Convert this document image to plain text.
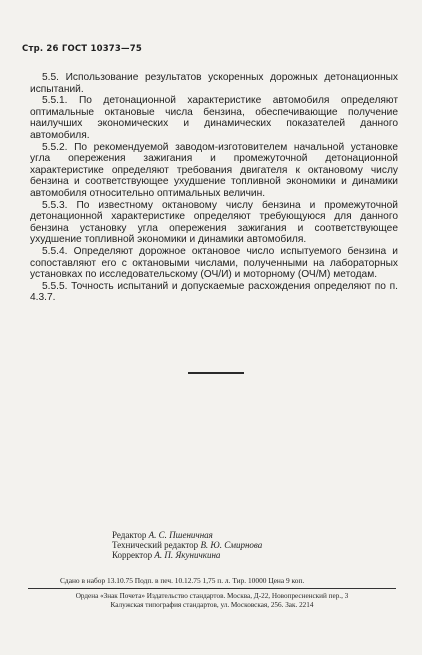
Стр. 26 ГОСТ 10373—75

5.5. Использование результатов ускоренных дорожных детонационных испытаний.

5.5.1. По детонационной характеристике автомобиля определяют оптимальные октановые числа бензина, обеспечивающие получение наилучших экономических и динамических показателей данного автомобиля.

5.5.2. По рекомендуемой заводом-изготовителем начальной установке угла опережения зажигания и промежуточной детонационной характеристике определяют требования двигателя к октановому числу бензина и соответствующее ухудшение топливной экономики и динамики автомобиля относительно оптимальных величин.

5.5.3. По известному октановому числу бензина и промежуточной детонационной характеристике определяют требующуюся для данного бензина установку угла опережения зажигания и соответствующее ухудшение топливной экономики и динамики автомобиля.

5.5.4. Определяют дорожное октановое число испытуемого бензина и сопоставляют его с октановыми числами, полученными на лабораторных установках по исследовательскому (ОЧ/И) и моторному (ОЧ/М) методам.

5.5.5. Точность испытаний и допускаемые расхождения определяют по п. 4.3.7.

Редактор А. С. Пшеничная
Технический редактор В. Ю. Смирнова
Корректор А. П. Якуничкина
Сдано в набор 13.10.75 Подп. в печ. 10.12.75 1,75 п. л. Тир. 10000 Цена 9 коп.
Ордена «Знак Почета» Издательство стандартов. Москва, Д-22, Новопресненский пер., 3
Калужская типография стандартов, ул. Московская, 256. Зак. 2214
